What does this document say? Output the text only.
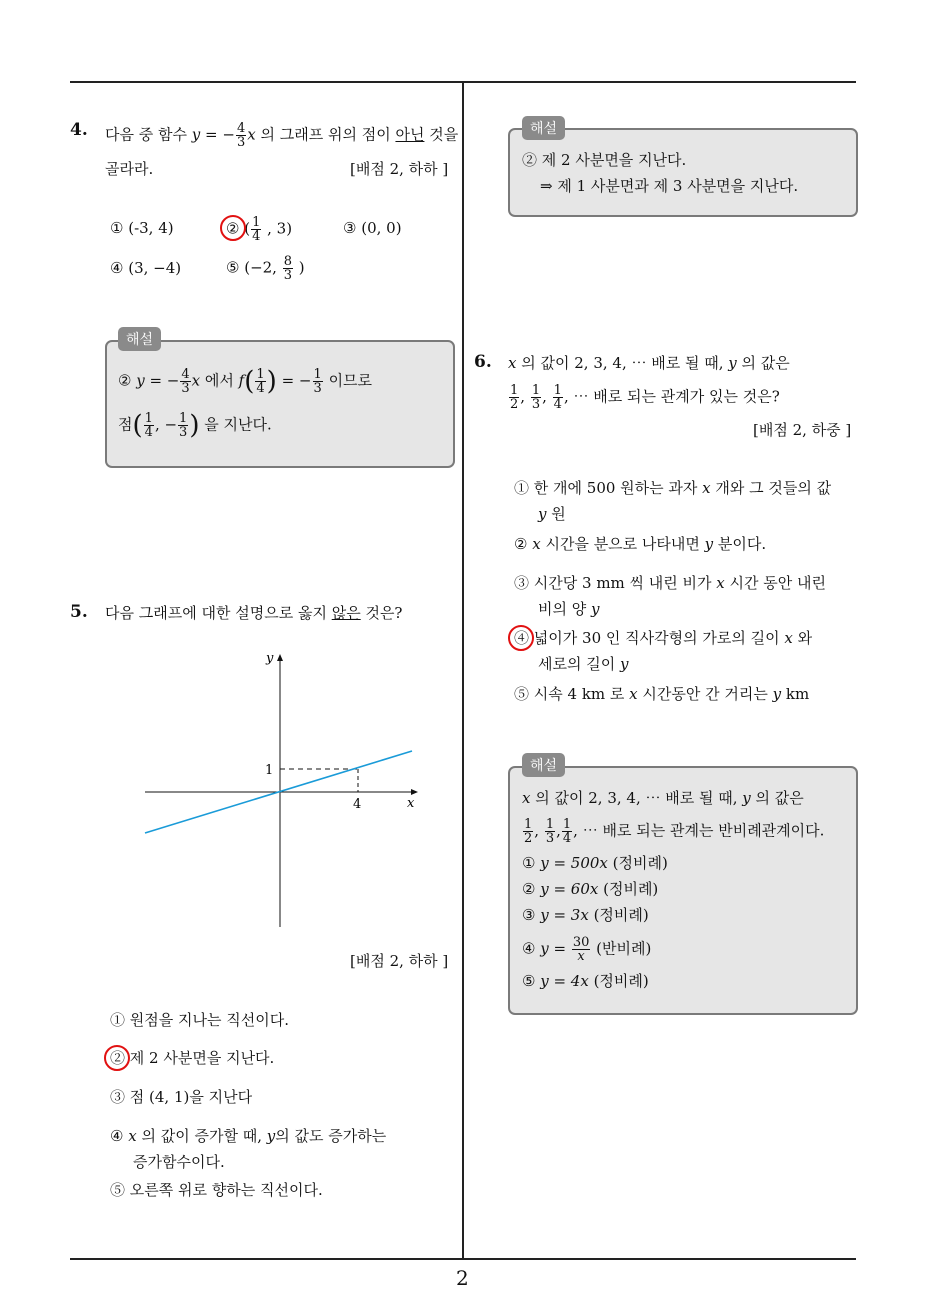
2
4. 다음 중 함수 y = − $\frac{4}{3}$ x 의 그래프 위의 점이 아닌 것을
골라라.	[배점 2, 하하 ]
① (-3, 4)	② ( $\frac{1}{4}$ , 3)	③ (0, 0)
④ (3, −4)	⑤ (−2, $\frac{8}{3}$ )
해설
② y = − $\frac{4}{3}$ x 에서 $f( \frac{1}{4}$ ) = − $\frac{1}{3}$ 이므로
점( $\frac{1}{4}$ , − $\frac{1}{3}$ ) 을 지난다.
5. 다음 그래프에 대한 설명으로 옳지 않은 것은?
y
x
1
4
[배점 2, 하하 ]
① 원점을 지나는 직선이다.
② 제 2 사분면을 지난다.
③ 점 (4, 1)을 지난다
④ x 의 값이 증가할 때, y의 값도 증가하는
증가함수이다.
⑤ 오른쪽 위로 향하는 직선이다.
해설
② 제 2 사분면을 지난다.
⇒ 제 1 사분면과 제 3 사분면을 지난다.
6. x 의 값이 2, 3, 4, ⋯ 배로 될 때, y 의 값은
$\frac{1}{2}$ , $\frac{1}{3}$ , $\frac{1}{4}$ , ⋯ 배로 되는 관계가 있는 것은?
[배점 2, 하중 ]
① 한 개에 500 원하는 과자 x 개와 그 것들의 값
y 원
② x 시간을 분으로 나타내면 y 분이다.
③ 시간당 3 mm 씩 내린 비가 x 시간 동안 내린
비의 양 y
④ 넓이가 30 인 직사각형의 가로의 길이 x 와
세로의 길이 y
⑤ 시속 4 km 로 x 시간동안 간 거리는 y km
해설
x 의 값이 2, 3, 4, ⋯ 배로 될 때, y 의 값은
$\frac{1}{2}$ , $\frac{1}{3}$ , $\frac{1}{4}$ , ⋯ 배로 되는 관계는 반비례관계이다.
① y = 500x (정비례)
② y = 60x (정비례)
③ y = 3x (정비례)
④ $y = \frac{30}{x}$ (반비례)
⑤ y = 4x (정비례)
